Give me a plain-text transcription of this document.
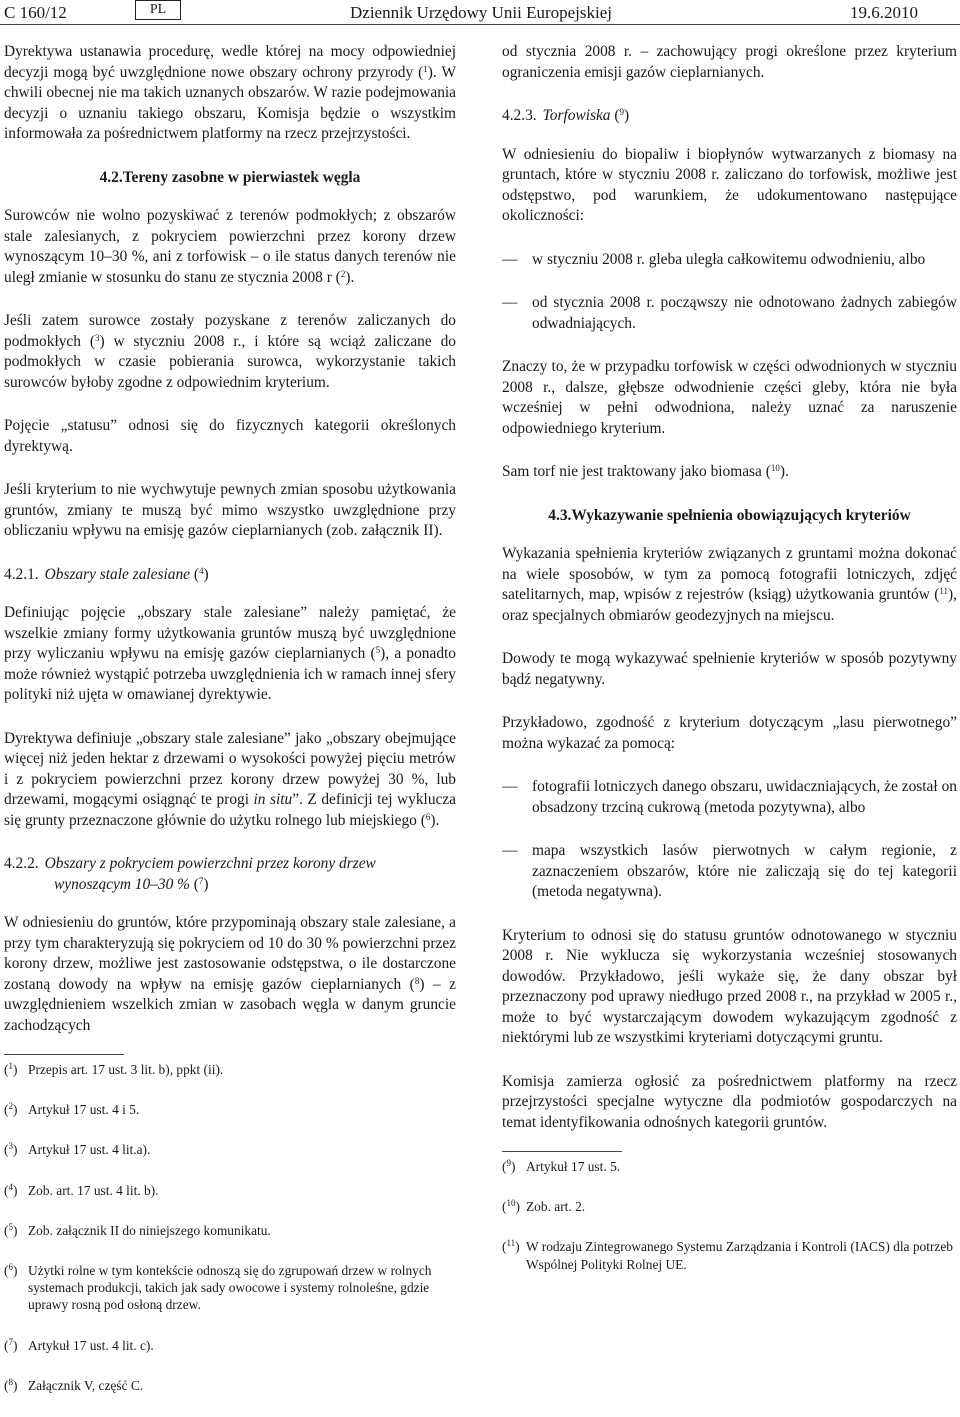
C 160/12	PL	Dziennik Urzędowy Unii Europejskiej	19.6.2010

Dyrektywa ustanawia procedurę, wedle której na mocy odpowiedniej decyzji mogą być uwzględnione nowe obszary ochrony przyrody ($^1$). W chwili obecnej nie ma takich uznanych obszarów. W razie podejmowania decyzji o uznaniu takiego obszaru, Komisja będzie o wszystkim informowała za pośrednictwem platformy na rzecz przejrzystości.

4.2.Tereny zasobne w pierwiastek węgla

Surowców nie wolno pozyskiwać z terenów podmokłych; z obszarów stale zalesianych, z pokryciem powierzchni przez korony drzew wynoszącym 10–30 %, ani z torfowisk – o ile status danych terenów nie uległ zmianie w stosunku do stanu ze stycznia 2008 r ($^2$).

Jeśli zatem surowce zostały pozyskane z terenów zaliczanych do podmokłych ($^3$) w styczniu 2008 r., i które są wciąż zaliczane do podmokłych w czasie pobierania surowca, wykorzystanie takich surowców byłoby zgodne z odpowiednim kryterium.

Pojęcie „statusu” odnosi się do fizycznych kategorii określonych dyrektywą.

Jeśli kryterium to nie wychwytuje pewnych zmian sposobu użytkowania gruntów, zmiany te muszą być mimo wszystko uwzględnione przy obliczaniu wpływu na emisję gazów cieplarnianych (zob. załącznik II).

4.2.1. Obszary stale zalesiane ($^4$)

Definiując pojęcie „obszary stale zalesiane” należy pamiętać, że wszelkie zmiany formy użytkowania gruntów muszą być uwzględnione przy wyliczaniu wpływu na emisję gazów cieplarnianych ($^5$), a ponadto może również wystąpić potrzeba uwzględnienia ich w ramach innej sfery polityki niż ujęta w omawianej dyrektywie.

Dyrektywa definiuje „obszary stale zalesiane” jako „obszary obejmujące więcej niż jeden hektar z drzewami o wysokości powyżej pięciu metrów i z pokryciem powierzchni przez korony drzew powyżej 30 %, lub drzewami, mogącymi osiągnąć te progi in situ”. Z definicji tej wyklucza się grunty przeznaczone głównie do użytku rolnego lub miejskiego ($^6$).

4.2.2. Obszary z pokryciem powierzchni przez korony drzew wynoszącym 10–30 % ($^7$)

W odniesieniu do gruntów, które przypominają obszary stale zalesiane, a przy tym charakteryzują się pokryciem od 10 do 30 % powierzchni przez korony drzew, możliwe jest zastosowanie odstępstwa, o ile dostarczone zostaną dowody na wpływ na emisję gazów cieplarnianych ($^8$) – z uwzględnieniem wszelkich zmian w zasobach węgla w danym gruncie zachodzących

($^1$) Przepis art. 17 ust. 3 lit. b), ppkt (ii).

($^2$) Artykuł 17 ust. 4 i 5.

($^3$) Artykuł 17 ust. 4 lit.a).

($^4$) Zob. art. 17 ust. 4 lit. b).

($^5$) Zob. załącznik II do niniejszego komunikatu.

($^6$) Użytki rolne w tym kontekście odnoszą się do zgrupowań drzew w rolnych systemach produkcji, takich jak sady owocowe i systemy rolnoleśne, gdzie uprawy rosną pod osłoną drzew.

($^7$) Artykuł 17 ust. 4 lit. c).

($^8$) Załącznik V, część C.

od stycznia 2008 r. – zachowujący progi określone przez kryterium ograniczenia emisji gazów cieplarnianych.

4.2.3. Torfowiska ($^9$)

W odniesieniu do biopaliw i biopłynów wytwarzanych z biomasy na gruntach, które w styczniu 2008 r. zaliczano do torfowisk, możliwe jest odstępstwo, pod warunkiem, że udokumentowano następujące okoliczności:

— w styczniu 2008 r. gleba uległa całkowitemu odwodnieniu, albo
— od stycznia 2008 r. począwszy nie odnotowano żadnych zabiegów odwadniających.

Znaczy to, że w przypadku torfowisk w części odwodnionych w styczniu 2008 r., dalsze, głębsze odwodnienie części gleby, która nie była wcześniej w pełni odwodniona, należy uznać za naruszenie odpowiedniego kryterium.

Sam torf nie jest traktowany jako biomasa ($^{10}$).

4.3.Wykazywanie spełnienia obowiązujących kryteriów

Wykazania spełnienia kryteriów związanych z gruntami można dokonać na wiele sposobów, w tym za pomocą fotografii lotniczych, zdjęć satelitarnych, map, wpisów z rejestrów (ksiąg) użytkowania gruntów ($^{11}$), oraz specjalnych obmiarów geodezyjnych na miejscu.

Dowody te mogą wykazywać spełnienie kryteriów w sposób pozytywny bądź negatywny.

Przykładowo, zgodność z kryterium dotyczącym „lasu pierwotnego” można wykazać za pomocą:

— fotografii lotniczych danego obszaru, uwidaczniających, że został on obsadzony trzciną cukrową (metoda pozytywna), albo
— mapa wszystkich lasów pierwotnych w całym regionie, z zaznaczeniem obszarów, które nie zaliczają się do tej kategorii (metoda negatywna).

Kryterium to odnosi się do statusu gruntów odnotowanego w styczniu 2008 r. Nie wyklucza się wykorzystania wcześniej stosowanych dowodów. Przykładowo, jeśli wykaże się, że dany obszar był przeznaczony pod uprawy niedługo przed 2008 r., na przykład w 2005 r., może to być wystarczającym dowodem wykazującym zgodność z niektórymi lub ze wszystkimi kryteriami dotyczącymi gruntu.

Komisja zamierza ogłosić za pośrednictwem platformy na rzecz przejrzystości specjalne wytyczne dla podmiotów gospodarczych na temat identyfikowania odnośnych kategorii gruntów.

($^9$) Artykuł 17 ust. 5.

($^{10}$) Zob. art. 2.

($^{11}$) W rodzaju Zintegrowanego Systemu Zarządzania i Kontroli (IACS) dla potrzeb Wspólnej Polityki Rolnej UE.
